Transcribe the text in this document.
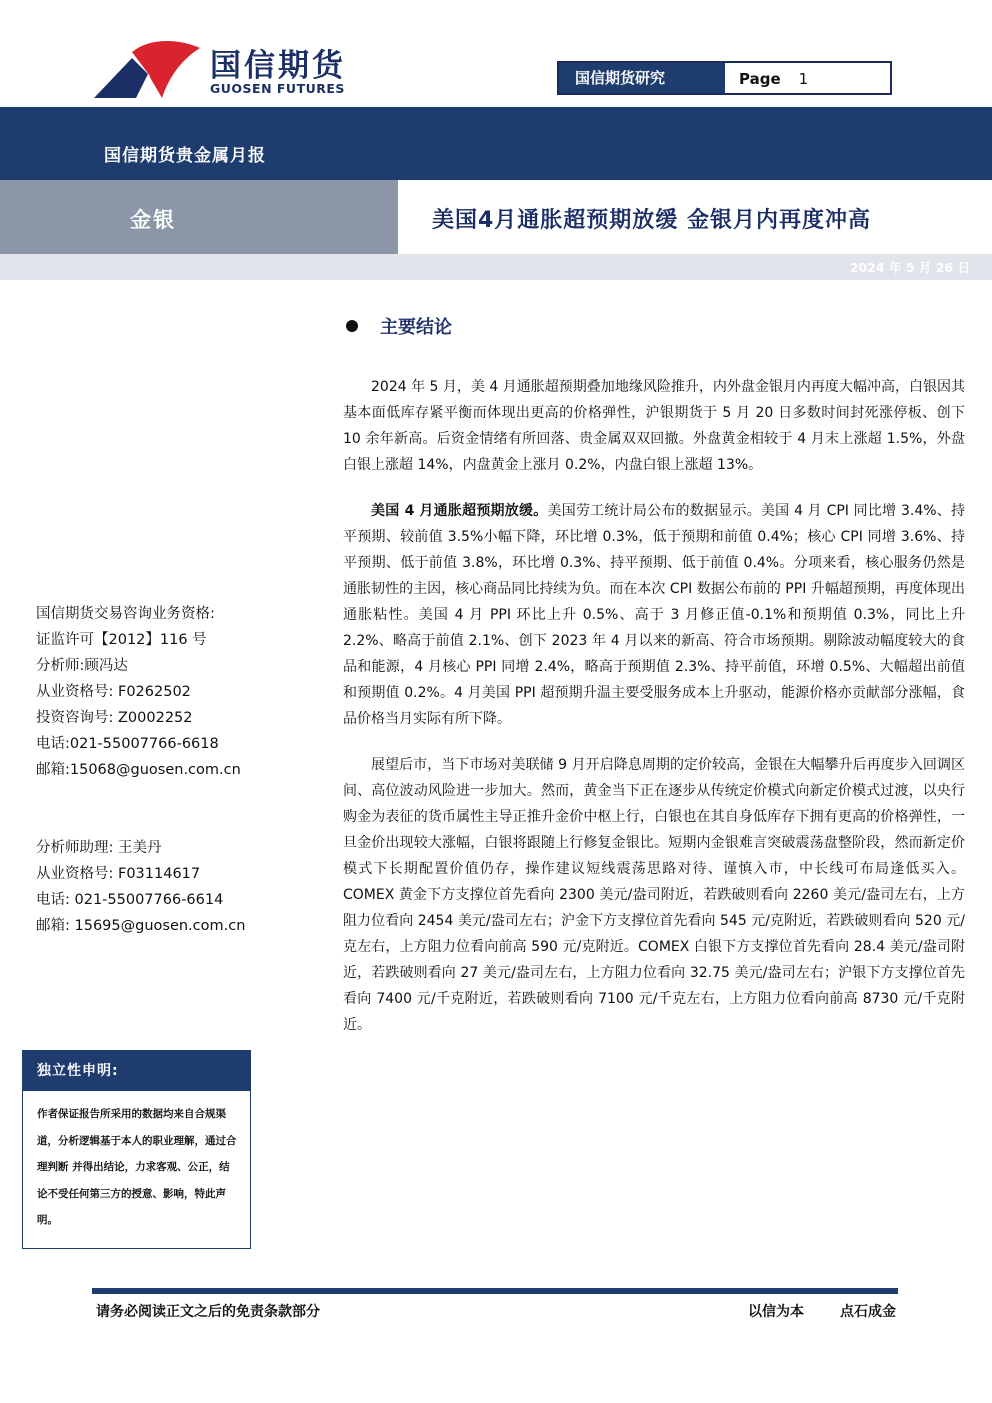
国信期货
GUOSEN FUTURES
国信期货研究	Page 1
国信期货贵金属月报
金银	美国4月通胀超预期放缓 金银月内再度冲高
2024 年 5 月 26 日
主要结论

2024 年 5 月，美 4 月通胀超预期叠加地缘风险推升，内外盘金银月内再度大幅冲高，白银因其基本面低库存紧平衡而体现出更高的价格弹性，沪银期货于 5 月 20 日多数时间封死涨停板、创下 10 余年新高。后资金情绪有所回落、贵金属双双回撤。外盘黄金相较于 4 月末上涨超 1.5%，外盘白银上涨超 14%，内盘黄金上涨月 0.2%，内盘白银上涨超 13%。

美国 4 月通胀超预期放缓。美国劳工统计局公布的数据显示。美国 4 月 CPI 同比增 3.4%、持平预期、较前值 3.5%小幅下降，环比增 0.3%，低于预期和前值 0.4%；核心 CPI 同增 3.6%、持平预期、低于前值 3.8%，环比增 0.3%、持平预期、低于前值 0.4%。分项来看，核心服务仍然是通胀韧性的主因，核心商品同比持续为负。而在本次 CPI 数据公布前的 PPI 升幅超预期，再度体现出通胀粘性。美国 4 月 PPI 环比上升 0.5%、高于 3 月修正值-0.1%和预期值 0.3%，同比上升 2.2%、略高于前值 2.1%、创下 2023 年 4 月以来的新高、符合市场预期。剔除波动幅度较大的食品和能源，4 月核心 PPI 同增 2.4%，略高于预期值 2.3%、持平前值，环增 0.5%、大幅超出前值和预期值 0.2%。4 月美国 PPI 超预期升温主要受服务成本上升驱动，能源价格亦贡献部分涨幅，食品价格当月实际有所下降。

展望后市，当下市场对美联储 9 月开启降息周期的定价较高，金银在大幅攀升后再度步入回调区间、高位波动风险进一步加大。然而，黄金当下正在逐步从传统定价模式向新定价模式过渡，以央行购金为表征的货币属性主导正推升金价中枢上行，白银也在其自身低库存下拥有更高的价格弹性，一旦金价出现较大涨幅，白银将跟随上行修复金银比。短期内金银难言突破震荡盘整阶段，然而新定价模式下长期配置价值仍存，操作建议短线震荡思路对待、谨慎入市，中长线可布局逢低买入。COMEX 黄金下方支撑位首先看向 2300 美元/盎司附近，若跌破则看向 2260 美元/盎司左右，上方阻力位看向 2454 美元/盎司左右；沪金下方支撑位首先看向 545 元/克附近，若跌破则看向 520 元/克左右，上方阻力位看向前高 590 元/克附近。COMEX 白银下方支撑位首先看向 28.4 美元/盎司附近，若跌破则看向 27 美元/盎司左右，上方阻力位看向 32.75 美元/盎司左右；沪银下方支撑位首先看向 7400 元/千克附近，若跌破则看向 7100 元/千克左右，上方阻力位看向前高 8730 元/千克附近。

国信期货交易咨询业务资格:
证监许可【2012】116 号
分析师:顾冯达
从业资格号: F0262502
投资咨询号: Z0002252
电话:021-55007766-6618
邮箱:15068@guosen.com.cn
分析师助理: 王美丹
从业资格号: F03114617
电话: 021-55007766-6614
邮箱: 15695@guosen.com.cn
独立性申明:
作者保证报告所采用的数据均来自合规渠道，分析逻辑基于本人的职业理解，通过合理判断 并得出结论，力求客观、公正，结论不受任何第三方的授意、影响，特此声明。
请务必阅读正文之后的免责条款部分	以信为本	点石成金
